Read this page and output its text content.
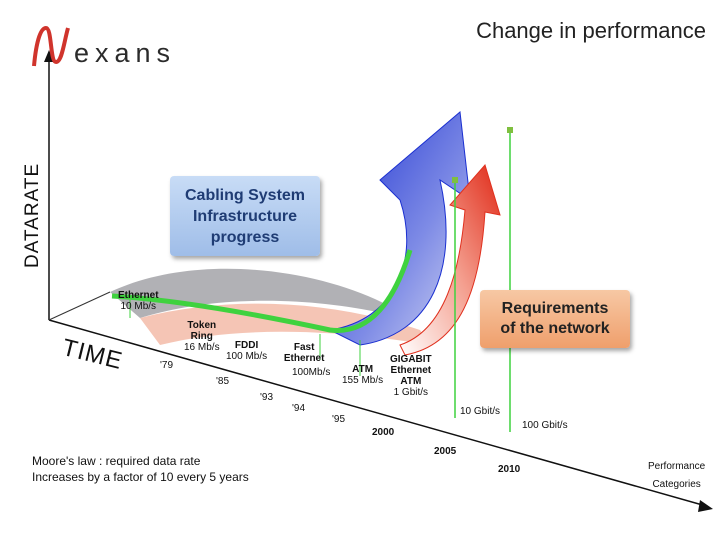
Change in performance
exans
DATARATE
TIME
Cabling System
Infrastructure
progress
Requirements
of the network
Ethernet
10 Mb/s
Token
Ring
16 Mb/s	FDDI
100 Mb/s
Fast
Ethernet
100Mb/s	ATM
155 Mb/s
GIGABIT
Ethernet
ATM
1 Gbit/s
10 Gbit/s
100 Gbit/s
'79
'85
'93
'94
'95
2000
2005
2010
Moore's law : required data rate
Increases by a factor of 10 every 5 years
Performance
Categories
